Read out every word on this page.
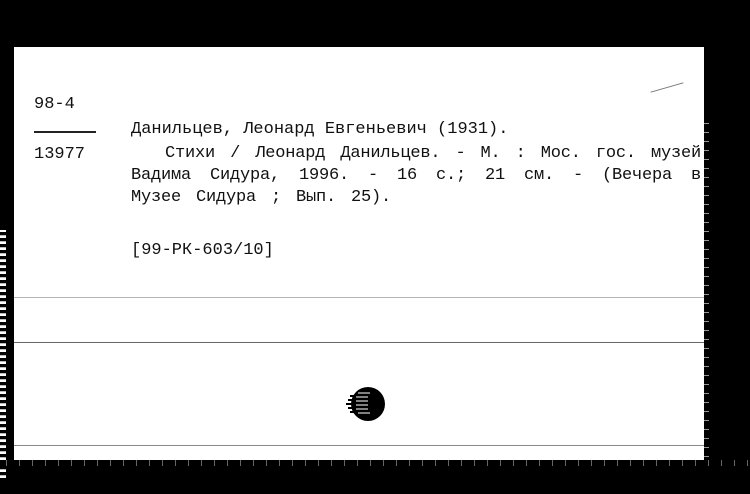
98-4
13977
Данильцев, Леонард Евгеньевич (1931).

Стихи / Леонард Данильцев. - М. : Мос. гос. музей Вадима Сидура, 1996. - 16 с.; 21 см. - (Вечера в Музее Сидура ; Вып. 25).

[99-РК-603/10]
